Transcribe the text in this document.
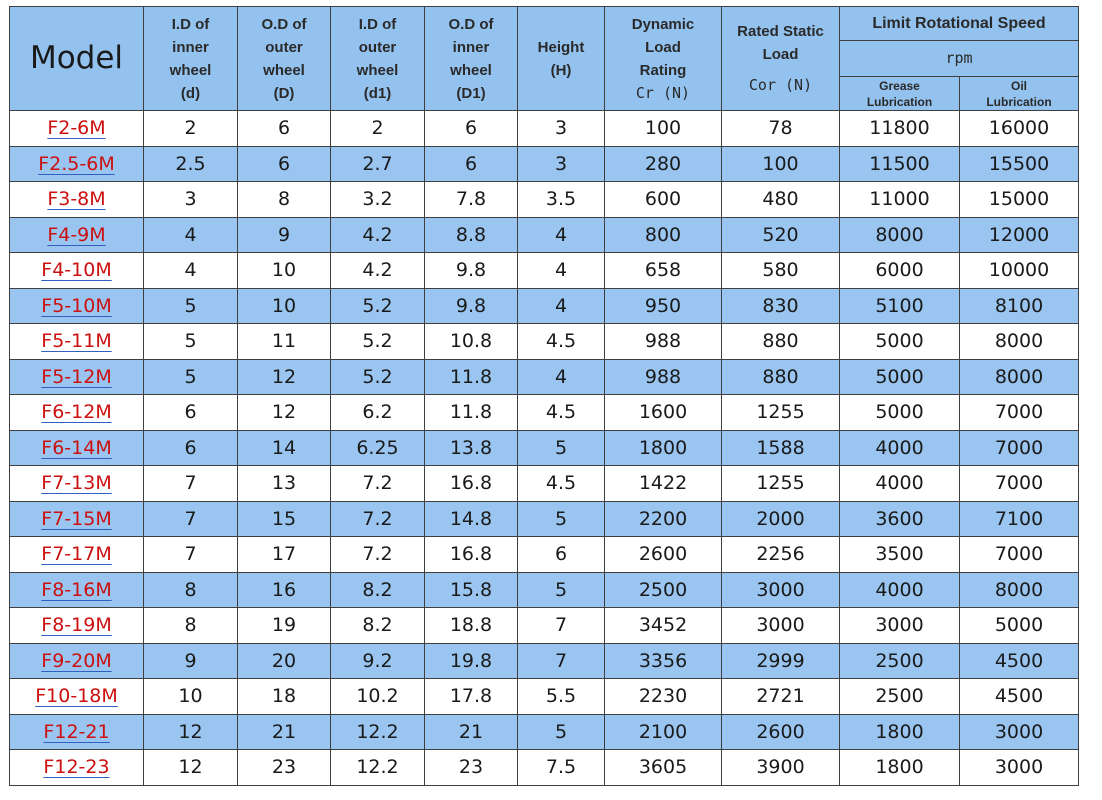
Model	I.D of
inner
wheel
(d)	O.D of
outer
wheel
(D)	I.D of
outer
wheel
(d1)	O.D of
inner
wheel
(D1)	Height
(H)	Dynamic
Load
Rating
Cr (N)	Rated Static
Load
Cor (N)	Limit Rotational Speed	
								rpm	

								Grease
Lubrication	Oil
Lubrication

F2-6M	2	6	2	6	3	100	78	11800	16000
F2.5-6M	2.5	6	2.7	6	3	280	100	11500	15500
F3-8M	3	8	3.2	7.8	3.5	600	480	11000	15000
F4-9M	4	9	4.2	8.8	4	800	520	8000	12000
F4-10M	4	10	4.2	9.8	4	658	580	6000	10000
F5-10M	5	10	5.2	9.8	4	950	830	5100	8100
F5-11M	5	11	5.2	10.8	4.5	988	880	5000	8000
F5-12M	5	12	5.2	11.8	4	988	880	5000	8000
F6-12M	6	12	6.2	11.8	4.5	1600	1255	5000	7000
F6-14M	6	14	6.25	13.8	5	1800	1588	4000	7000
F7-13M	7	13	7.2	16.8	4.5	1422	1255	4000	7000
F7-15M	7	15	7.2	14.8	5	2200	2000	3600	7100
F7-17M	7	17	7.2	16.8	6	2600	2256	3500	7000
F8-16M	8	16	8.2	15.8	5	2500	3000	4000	8000
F8-19M	8	19	8.2	18.8	7	3452	3000	3000	5000
F9-20M	9	20	9.2	19.8	7	3356	2999	2500	4500
F10-18M	10	18	10.2	17.8	5.5	2230	2721	2500	4500
F12-21	12	21	12.2	21	5	2100	2600	1800	3000
F12-23	12	23	12.2	23	7.5	3605	3900	1800	3000
